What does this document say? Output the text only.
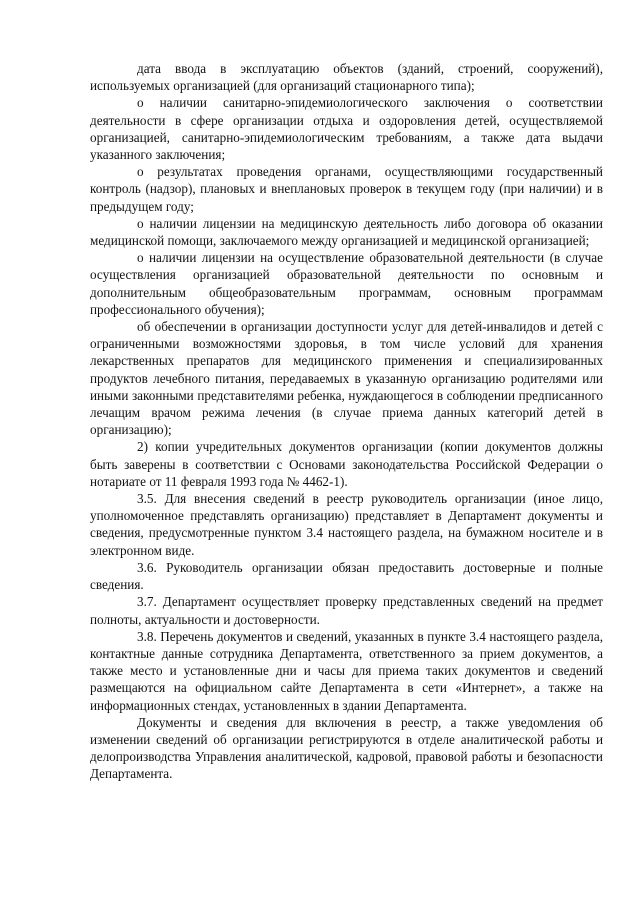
дата ввода в эксплуатацию объектов (зданий, строений, сооружений), используемых организацией (для организаций стационарного типа);

о наличии санитарно-эпидемиологического заключения о соответствии деятельности в сфере организации отдыха и оздоровления детей, осуществляемой организацией, санитарно-эпидемиологическим требованиям, а также дата выдачи указанного заключения;

о результатах проведения органами, осуществляющими государственный контроль (надзор), плановых и внеплановых проверок в текущем году (при наличии) и в предыдущем году;

о наличии лицензии на медицинскую деятельность либо договора об оказании медицинской помощи, заключаемого между организацией и медицинской организацией;

о наличии лицензии на осуществление образовательной деятельности (в случае осуществления организацией образовательной деятельности по основным и дополнительным общеобразовательным программам, основным программам профессионального обучения);

об обеспечении в организации доступности услуг для детей-инвалидов и детей с ограниченными возможностями здоровья, в том числе условий для хранения лекарственных препаратов для медицинского применения и специализированных продуктов лечебного питания, передаваемых в указанную организацию родителями или иными законными представителями ребенка, нуждающегося в соблюдении предписанного лечащим врачом режима лечения (в случае приема данных категорий детей в организацию);

2) копии учредительных документов организации (копии документов должны быть заверены в соответствии с Основами законодательства Российской Федерации о нотариате от 11 февраля 1993 года № 4462-1).

3.5. Для внесения сведений в реестр руководитель организации (иное лицо, уполномоченное представлять организацию) представляет в Департамент документы и сведения, предусмотренные пунктом 3.4 настоящего раздела, на бумажном носителе и в электронном виде.

3.6. Руководитель организации обязан предоставить достоверные и полные сведения.

3.7. Департамент осуществляет проверку представленных сведений на предмет полноты, актуальности и достоверности.

3.8. Перечень документов и сведений, указанных в пункте 3.4 настоящего раздела, контактные данные сотрудника Департамента, ответственного за прием документов, а также место и установленные дни и часы для приема таких документов и сведений размещаются на официальном сайте Департамента в сети «Интернет», а также на информационных стендах, установленных в здании Департамента.

Документы и сведения для включения в реестр, а также уведомления об изменении сведений об организации регистрируются в отделе аналитической работы и делопроизводства Управления аналитической, кадровой, правовой работы и безопасности Департамента.
